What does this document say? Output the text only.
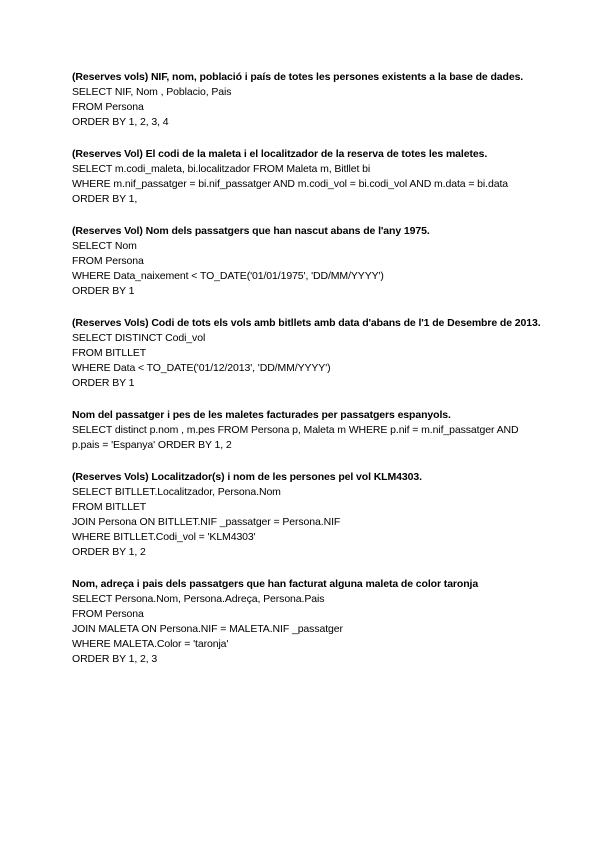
(Reserves vols) NIF, nom, població i país de totes les persones existents a la base de dades.

SELECT NIF, Nom , Poblacio, Pais

FROM Persona

ORDER BY 1, 2, 3, 4

(Reserves Vol) El codi de la maleta i el localitzador de la reserva de totes les maletes.

SELECT m.codi_maleta, bi.localitzador FROM Maleta m, Bitllet bi

WHERE m.nif_passatger = bi.nif_passatger AND m.codi_vol = bi.codi_vol AND m.data = bi.data ORDER BY 1,

(Reserves Vol) Nom dels passatgers que han nascut abans de l'any 1975.

SELECT Nom

FROM Persona

WHERE Data_naixement < TO_DATE('01/01/1975', 'DD/MM/YYYY')

ORDER BY 1

(Reserves Vols) Codi de tots els vols amb bitllets amb data d'abans de l'1 de Desembre de 2013.

SELECT DISTINCT Codi_vol

FROM BITLLET

WHERE Data < TO_DATE('01/12/2013', 'DD/MM/YYYY')

ORDER BY 1

Nom del passatger i pes de les maletes facturades per passatgers espanyols.

SELECT distinct p.nom , m.pes FROM Persona p, Maleta m WHERE p.nif = m.nif_passatger AND p.pais = 'Espanya' ORDER BY 1, 2

(Reserves Vols) Localitzador(s) i nom de les persones pel vol KLM4303.

SELECT BITLLET.Localitzador, Persona.Nom

FROM BITLLET

JOIN Persona ON BITLLET.NIF _passatger = Persona.NIF

WHERE BITLLET.Codi_vol = 'KLM4303'

ORDER BY 1, 2

Nom, adreça i pais dels passatgers que han facturat alguna maleta de color taronja

SELECT Persona.Nom, Persona.Adreça, Persona.Pais

FROM Persona

JOIN MALETA ON Persona.NIF = MALETA.NIF _passatger

WHERE MALETA.Color = 'taronja'

ORDER BY 1, 2, 3
